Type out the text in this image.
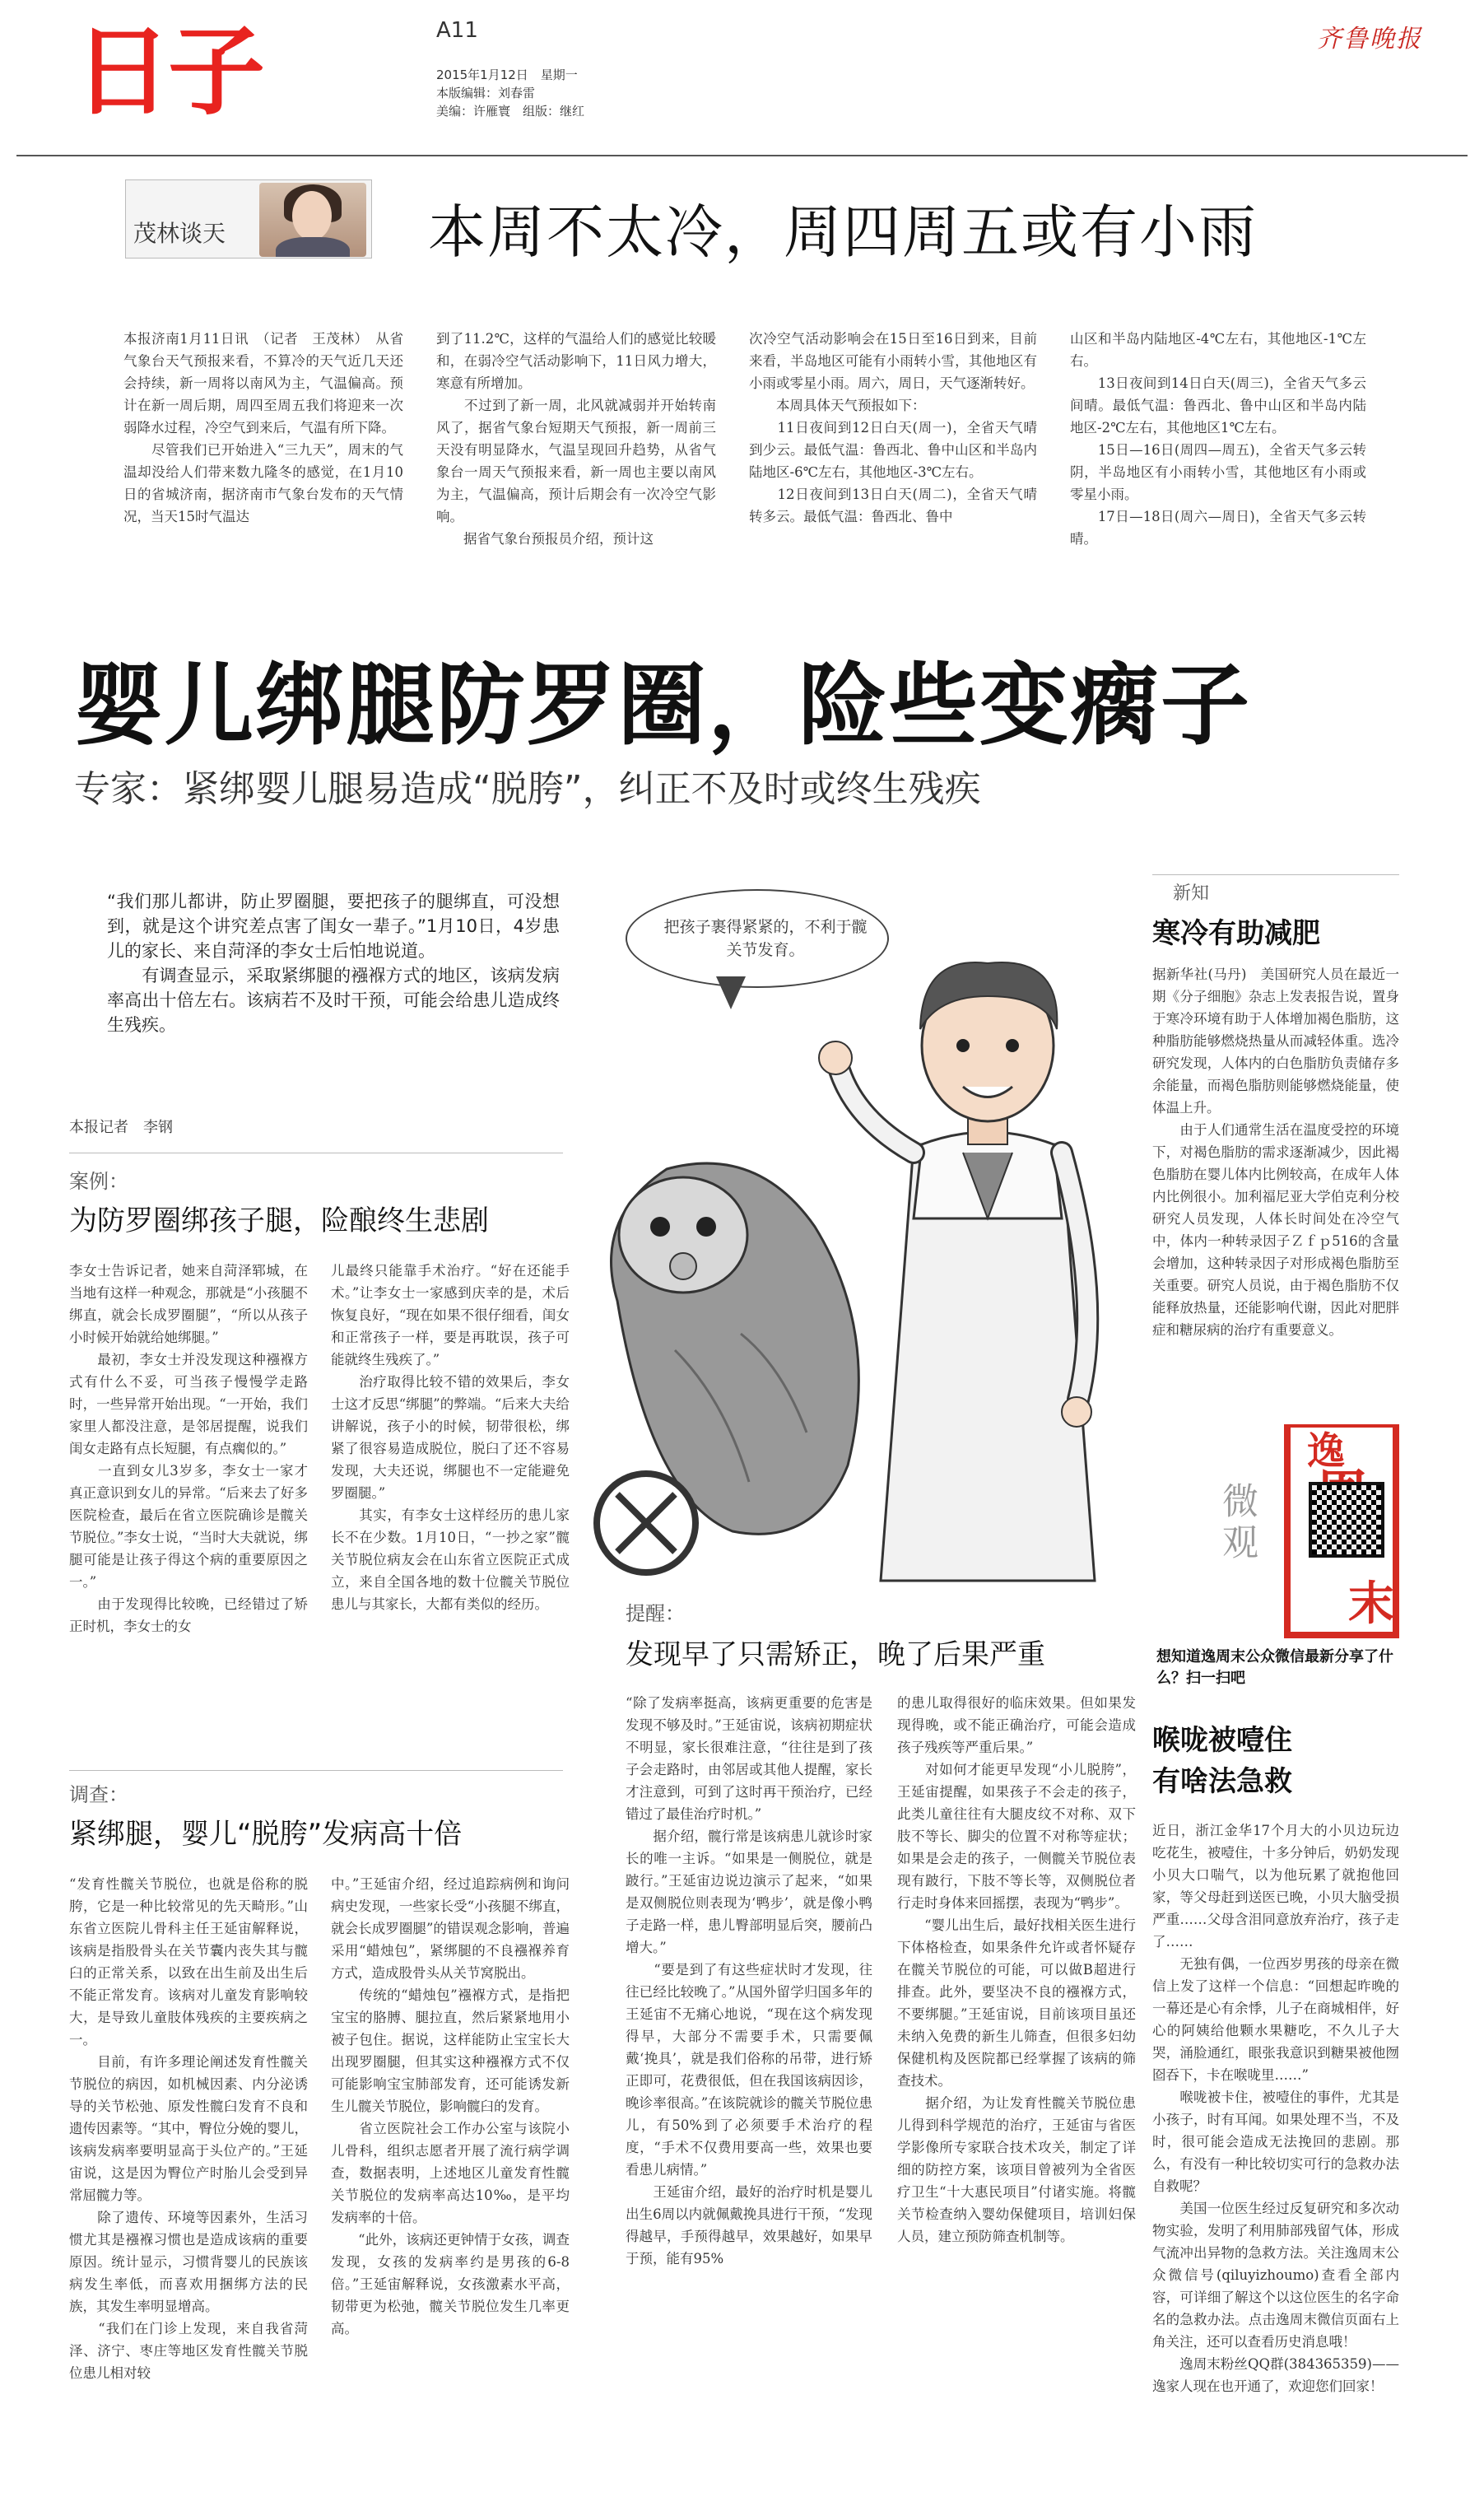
日子	A11
2015年1月12日　星期一
本版编辑：刘春雷
美编：许雁寰　组版：继红
齐鲁晚报
茂林谈天	本周不太冷，周四周五或有小雨
本报济南1月11日讯　（记者　王茂林）　从省气象台天气预报来看，不算冷的天气近几天还会持续，新一周将以南风为主，气温偏高。预计在新一周后期，周四至周五我们将迎来一次弱降水过程，冷空气到来后，气温有所下降。
　　尽管我们已开始进入“三九天”，周末的气温却没给人们带来数九隆冬的感觉，在1月10日的省城济南，据济南市气象台发布的天气情况，当天15时气温达
到了11.2℃，这样的气温给人们的感觉比较暖和，在弱冷空气活动影响下，11日风力增大，寒意有所增加。
　　不过到了新一周，北风就减弱并开始转南风了，据省气象台短期天气预报，新一周前三天没有明显降水，气温呈现回升趋势，从省气象台一周天气预报来看，新一周也主要以南风为主，气温偏高，预计后期会有一次冷空气影响。
　　据省气象台预报员介绍，预计这
次冷空气活动影响会在15日至16日到来，目前来看，半岛地区可能有小雨转小雪，其他地区有小雨或零星小雨。周六，周日，天气逐渐转好。
　　本周具体天气预报如下：
　　11日夜间到12日白天(周一)，全省天气晴到少云。最低气温：鲁西北、鲁中山区和半岛内陆地区-6℃左右，其他地区-3℃左右。
　　12日夜间到13日白天(周二)，全省天气晴转多云。最低气温：鲁西北、鲁中
山区和半岛内陆地区-4℃左右，其他地区-1℃左右。
　　13日夜间到14日白天(周三)，全省天气多云间晴。最低气温：鲁西北、鲁中山区和半岛内陆地区-2℃左右，其他地区1℃左右。
　　15日—16日(周四—周五)，全省天气多云转阴，半岛地区有小雨转小雪，其他地区有小雨或零星小雨。
　　17日—18日(周六—周日)，全省天气多云转晴。
婴儿绑腿防罗圈，险些变瘸子
专家：紧绑婴儿腿易造成“脱胯”，纠正不及时或终生残疾
“我们那儿都讲，防止罗圈腿，要把孩子的腿绑直，可没想到，就是这个讲究差点害了闺女一辈子。”1月10日，4岁患儿的家长、来自菏泽的李女士后怕地说道。
　　有调查显示，采取紧绑腿的襁褓方式的地区，该病发病率高出十倍左右。该病若不及时干预，可能会给患儿造成终生残疾。
本报记者　李钢
案例：
为防罗圈绑孩子腿，险酿终生悲剧
李女士告诉记者，她来自菏泽郓城，在当地有这样一种观念，那就是“小孩腿不绑直，就会长成罗圈腿”，“所以从孩子小时候开始就给她绑腿。”
　　最初，李女士并没发现这种襁褓方式有什么不妥，可当孩子慢慢学走路时，一些异常开始出现。“一开始，我们家里人都没注意，是邻居提醒，说我们闺女走路有点长短腿，有点瘸似的。”
　　一直到女儿3岁多，李女士一家才真正意识到女儿的异常。“后来去了好多医院检查，最后在省立医院确诊是髋关节脱位。”李女士说，“当时大夫就说，绑腿可能是让孩子得这个病的重要原因之一。”
　　由于发现得比较晚，已经错过了矫正时机，李女士的女
儿最终只能靠手术治疗。“好在还能手术。”让李女士一家感到庆幸的是，术后恢复良好，“现在如果不很仔细看，闺女和正常孩子一样，要是再耽误，孩子可能就终生残疾了。”
　　治疗取得比较不错的效果后，李女士这才反思“绑腿”的弊端。“后来大夫给讲解说，孩子小的时候，韧带很松，绑紧了很容易造成脱位，脱臼了还不容易发现，大夫还说，绑腿也不一定能避免罗圈腿。”
　　其实，有李女士这样经历的患儿家长不在少数。1月10日，“一抄之家”髋关节脱位病友会在山东省立医院正式成立，来自全国各地的数十位髋关节脱位患儿与其家长，大都有类似的经历。
调查：
紧绑腿，婴儿“脱胯”发病高十倍
“发育性髋关节脱位，也就是俗称的脱胯，它是一种比较常见的先天畸形。”山东省立医院儿骨科主任王延宙解释说，该病是指股骨头在关节囊内丧失其与髋臼的正常关系，以致在出生前及出生后不能正常发育。该病对儿童发育影响较大，是导致儿童肢体残疾的主要疾病之一。
　　目前，有许多理论阐述发育性髋关节脱位的病因，如机械因素、内分泌诱导的关节松弛、原发性髋臼发育不良和遗传因素等。“其中，臀位分娩的婴儿，该病发病率要明显高于头位产的。”王延宙说，这是因为臀位产时胎儿会受到异常屈髋力等。
　　除了遗传、环境等因素外，生活习惯尤其是襁褓习惯也是造成该病的重要原因。统计显示，习惯背婴儿的民族该病发生率低，而喜欢用捆绑方法的民族，其发生率明显增高。
　　“我们在门诊上发现，来自我省菏泽、济宁、枣庄等地区发育性髋关节脱位患儿相对较
中。”王延宙介绍，经过追踪病例和询问病史发现，一些家长受“小孩腿不绑直，就会长成罗圈腿”的错误观念影响，普遍采用“蜡烛包”，紧绑腿的不良襁褓养育方式，造成股骨头从关节窝脱出。
　　传统的“蜡烛包”襁褓方式，是指把宝宝的胳膊、腿拉直，然后紧紧地用小被子包住。据说，这样能防止宝宝长大出现罗圈腿，但其实这种襁褓方式不仅可能影响宝宝肺部发育，还可能诱发新生儿髋关节脱位，影响髋臼的发育。
　　省立医院社会工作办公室与该院小儿骨科，组织志愿者开展了流行病学调查，数据表明，上述地区儿童发育性髋关节脱位的发病率高达10‰，是平均发病率的十倍。
　　“此外，该病还更钟情于女孩，调查发现，女孩的发病率约是男孩的6-8倍。”王延宙解释说，女孩激素水平高，韧带更为松弛，髋关节脱位发生几率更高。
把孩子裹得紧紧的，不利于髋关节发育。
提醒：
发现早了只需矫正，晚了后果严重
“除了发病率挺高，该病更重要的危害是发现不够及时。”王延宙说，该病初期症状不明显，家长很难注意，“往往是到了孩子会走路时，由邻居或其他人提醒，家长才注意到，可到了这时再干预治疗，已经错过了最佳治疗时机。”
　　据介绍，髋行常是该病患儿就诊时家长的唯一主诉。“如果是一侧脱位，就是跛行。”王延宙边说边演示了起来，“如果是双侧脱位则表现为‘鸭步’，就是像小鸭子走路一样，患儿臀部明显后突，腰前凸增大。”
　　“要是到了有这些症状时才发现，往往已经比较晚了。”从国外留学归国多年的王延宙不无痛心地说，“现在这个病发现得早，大部分不需要手术，只需要佩戴‘挽具’，就是我们俗称的吊带，进行矫正即可，花费很低，但在我国该病因诊，晚诊率很高。”在该院就诊的髋关节脱位患儿，有50%到了必须要手术治疗的程度，“手术不仅费用要高一些，效果也要看患儿病情。”
　　王延宙介绍，最好的治疗时机是婴儿出生6周以内就佩戴挽具进行干预，“发现得越早，手预得越早，效果越好，如果早于预，能有95%
的患儿取得很好的临床效果。但如果发现得晚，或不能正确治疗，可能会造成孩子残疾等严重后果。”
　　对如何才能更早发现“小儿脱胯”，王延宙提醒，如果孩子不会走的孩子，此类儿童往往有大腿皮纹不对称、双下肢不等长、脚尖的位置不对称等症状；如果是会走的孩子，一侧髋关节脱位表现有跛行，下肢不等长等，双侧脱位者行走时身体来回摇摆，表现为“鸭步”。
　　“婴儿出生后，最好找相关医生进行下体格检查，如果条件允许或者怀疑存在髋关节脱位的可能，可以做B超进行排查。此外，要坚决不良的襁褓方式，不要绑腿。”王延宙说，目前该项目虽还未纳入免费的新生儿筛查，但很多妇幼保健机构及医院都已经掌握了该病的筛查技术。
　　据介绍，为让发育性髋关节脱位患儿得到科学规范的治疗，王延宙与省医学影像所专家联合技术攻关，制定了详细的防控方案，该项目曾被列为全省医疗卫生“十大惠民项目”付诸实施。将髋关节检查纳入婴幼保健项目，培训妇保人员，建立预防筛查机制等。
新知
寒冷有助减肥
据新华社(马丹)　美国研究人员在最近一期《分子细胞》杂志上发表报告说，置身于寒冷环境有助于人体增加褐色脂肪，这种脂肪能够燃烧热量从而减轻体重。选冷研究发现，人体内的白色脂肪负责储存多余能量，而褐色脂肪则能够燃烧能量，使体温上升。
　　由于人们通常生活在温度受控的环境下，对褐色脂肪的需求逐渐减少，因此褐色脂肪在婴儿体内比例较高，在成年人体内比例很小。加利福尼亚大学伯克利分校研究人员发现，人体长时间处在冷空气中，体内一种转录因子Ｚｆｐ516的含量会增加，这种转录因子对形成褐色脂肪至关重要。研究人员说，由于褐色脂肪不仅能释放热量，还能影响代谢，因此对肥胖症和糖尿病的治疗有重要意义。
微观
逸
末
想知道逸周末公众微信最新分享了什么？扫一扫吧
喉咙被噎住
有啥法急救
近日，浙江金华17个月大的小贝边玩边吃花生，被噎住，十多分钟后，奶奶发现小贝大口喘气，以为他玩累了就抱他回家，等父母赶到送医已晚，小贝大脑受损严重……父母含泪同意放弃治疗，孩子走了……
　　无独有偶，一位西岁男孩的母亲在微信上发了这样一个信息：“回想起昨晚的一幕还是心有余悸，儿子在商城相伴，好心的阿姨给他颗水果糖吃，不久儿子大哭，涌脸通红，眼张我意识到糖果被他囫囵吞下，卡在喉咙里……”
　　喉咙被卡住，被噎住的事件，尤其是小孩子，时有耳闻。如果处理不当，不及时，很可能会造成无法挽回的悲剧。那么，有没有一种比较切实可行的急救办法自救呢？
　　美国一位医生经过反复研究和多次动物实验，发明了利用肺部残留气体，形成气流冲出异物的急救方法。关注逸周末公众微信号(qiluyizhoumo)查看全部内容，可详细了解这个以这位医生的名字命名的急救办法。点击逸周末微信页面右上角关注，还可以查看历史消息哦！
　　逸周末粉丝QQ群(384365359)——逸家人现在也开通了，欢迎您们回家！
